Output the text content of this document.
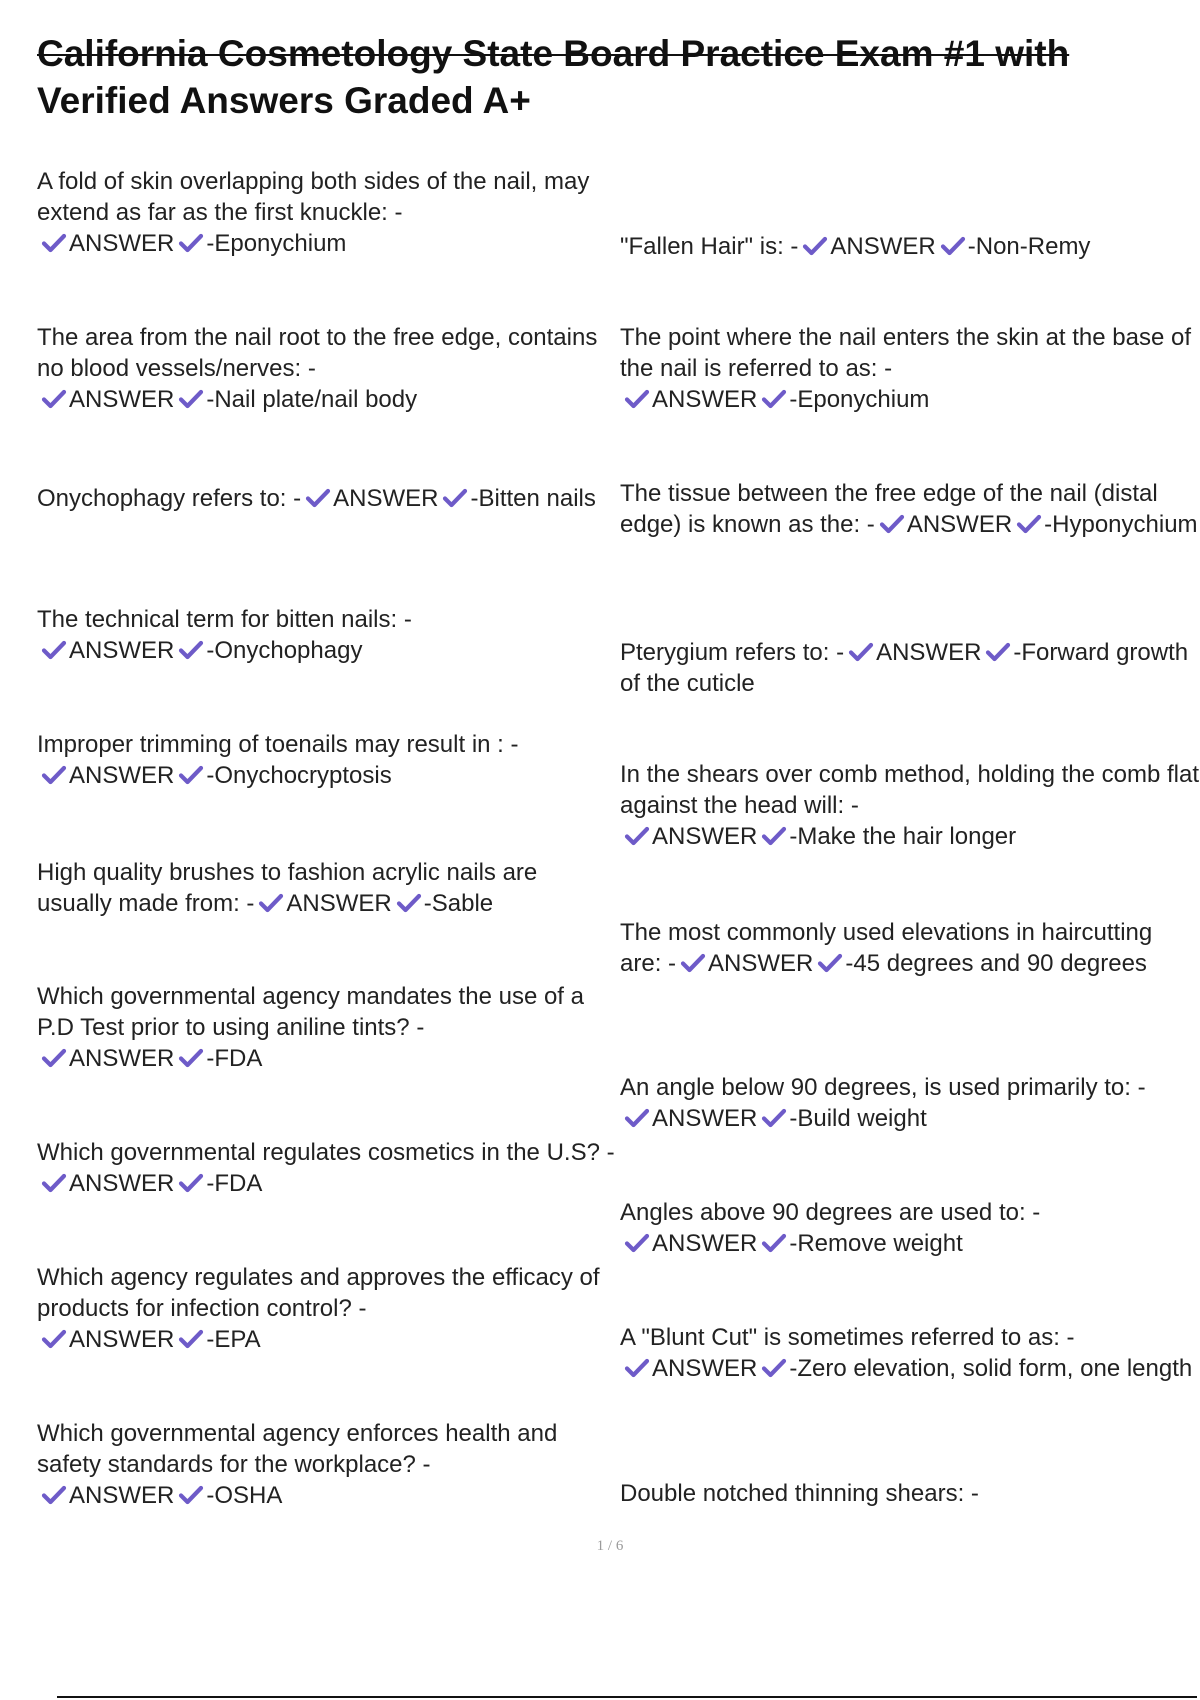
California Cosmetology State Board Practice Exam #1 with
Verified Answers Graded A+
A fold of skin overlapping both sides of the nail, may extend as far as the first knuckle: -

ANSWER -Eponychium
The area from the nail root to the free edge, contains no blood vessels/nerves: -

ANSWER -Nail plate/nail body
Onychophagy refers to: - ANSWER -Bitten nails
The technical term for bitten nails: -

ANSWER -Onychophagy
Improper trimming of toenails may result in : -

ANSWER -Onychocryptosis
High quality brushes to fashion acrylic nails are usually made from: - ANSWER -Sable
Which governmental agency mandates the use of a P.D Test prior to using aniline tints? -

ANSWER -FDA
Which governmental regulates cosmetics in the U.S? -
ANSWER -FDA
Which agency regulates and approves the efficacy of products for infection control? -

ANSWER -EPA
Which governmental agency enforces health and safety standards for the workplace? -

ANSWER -OSHA
"Fallen Hair" is: - ANSWER -Non-Remy
The point where the nail enters the skin at the base of the nail is referred to as: -

ANSWER -Eponychium
The tissue between the free edge of the nail (distal edge) is known as the: - ANSWER -Hyponychium
Pterygium refers to: - ANSWER -Forward growth of the cuticle
In the shears over comb method, holding the comb flat against the head will: -

ANSWER -Make the hair longer
The most commonly used elevations in haircutting are: - ANSWER -45 degrees and 90 degrees
An angle below 90 degrees, is used primarily to: -

ANSWER -Build weight
Angles above 90 degrees are used to: -

ANSWER -Remove weight
A "Blunt Cut" is sometimes referred to as: -

ANSWER -Zero elevation, solid form, one length
Double notched thinning shears: -
1 / 6
